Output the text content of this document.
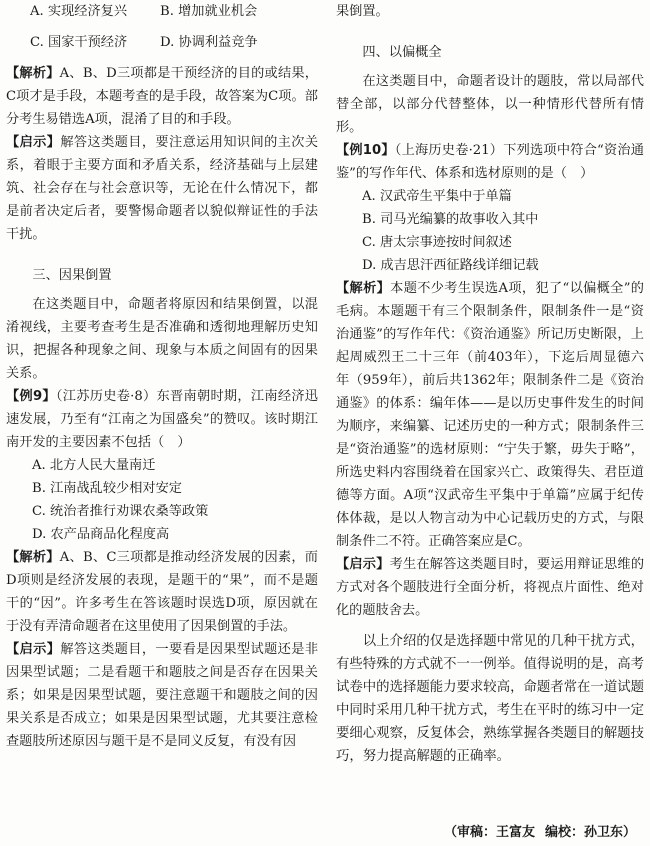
A. 实现经济复兴 B. 增加就业机会 C. 国家干预经济 D. 协调利益竞争
【解析】A、B、D三项都是干预经济的目的或结果，C项才是手段，本题考查的是手段，故答案为C项。部分考生易错选A项，混淆了目的和手段。
【启示】解答这类题目，要注意运用知识间的主次关系，着眼于主要方面和矛盾关系，经济基础与上层建筑、社会存在与社会意识等，无论在什么情况下，都是前者决定后者，要警惕命题者以貌似辩证性的手法干扰。
三、因果倒置
在这类题目中，命题者将原因和结果倒置，以混淆视线，主要考查考生是否准确和透彻地理解历史知识，把握各种现象之间、现象与本质之间固有的因果关系。
【例9】（江苏历史卷·8）东晋南朝时期，江南经济迅速发展，乃至有“江南之为国盛矣”的赞叹。该时期江南开发的主要因素不包括（　）
A. 北方人民大量南迁
B. 江南战乱较少相对安定
C. 统治者推行劝课农桑等政策
D. 农产品商品化程度高
【解析】A、B、C三项都是推动经济发展的因素，而D项则是经济发展的表现，是题干的“果”，而不是题干的“因”。许多考生在答该题时误选D项，原因就在于没有弄清命题者在这里使用了因果倒置的手法。
【启示】解答这类题目，一要看是因果型试题还是非因果型试题；二是看题干和题肢之间是否存在因果关系；如果是因果型试题，要注意题干和题肢之间的因果关系是否成立；如果是因果型试题，尤其要注意检查题肢所述原因与题干是不是同义反复，有没有因
果倒置。
四、以偏概全
在这类题目中，命题者设计的题肢，常以局部代替全部，以部分代替整体，以一种情形代替所有情形。
【例10】（上海历史卷·21）下列选项中符合“资治通鉴”的写作年代、体系和选材原则的是（　）
A. 汉武帝生平集中于单篇
B. 司马光编纂的故事收入其中
C. 唐太宗事迹按时间叙述
D. 成吉思汗西征路线详细记载
【解析】本题不少考生误选A项，犯了“以偏概全”的毛病。本题题干有三个限制条件，限制条件一是“资治通鉴”的写作年代：《资治通鉴》所记历史断限，上起周威烈王二十三年（前403年），下迄后周显德六年（959年），前后共1362年；限制条件二是《资治通鉴》的体系：编年体——是以历史事件发生的时间为顺序，来编纂、记述历史的一种方式；限制条件三是“资治通鉴”的选材原则：“宁失于繁，毋失于略”，所选史料内容围绕着在国家兴亡、政策得失、君臣道德等方面。A项“汉武帝生平集中于单篇”应属于纪传体体裁，是以人物言动为中心记载历史的方式，与限制条件二不符。正确答案应是C。
【启示】考生在解答这类题目时，要运用辩证思维的方式对各个题肢进行全面分析，将视点片面性、绝对化的题肢舍去。
以上介绍的仅是选择题中常见的几种干扰方式，有些特殊的方式就不一一例举。值得说明的是，高考试卷中的选择题能力要求较高，命题者常在一道试题中同时采用几种干扰方式，考生在平时的练习中一定要细心观察，反复体会，熟练掌握各类题目的解题技巧，努力提高解题的正确率。
（审稿：王富友 编校：孙卫东）
